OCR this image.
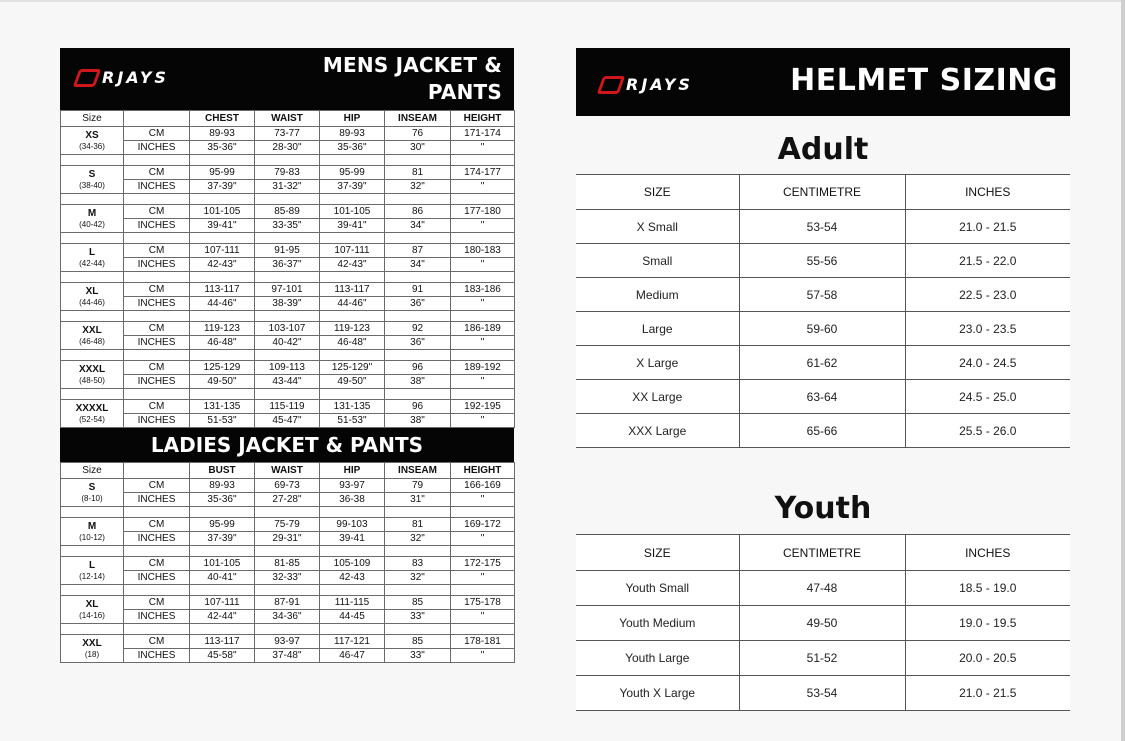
RJAYS
MENS JACKET &
PANTS
Size		CHEST	WAIST	HIP	INSEAM	HEIGHT

XS
(34-36)	CM	89-93	73-77	89-93	76	171-174
	INCHES	35-36"	28-30"	35-36"	30"	"

S
(38-40)	CM	95-99	79-83	95-99	81	174-177
	INCHES	37-39"	31-32"	37-39"	32"	"

M
(40-42)	CM	101-105	85-89	101-105	86	177-180
	INCHES	39-41"	33-35"	39-41"	34"	"

L
(42-44)	CM	107-111	91-95	107-111	87	180-183
	INCHES	42-43"	36-37"	42-43"	34"	"

XL
(44-46)	CM	113-117	97-101	113-117	91	183-186
	INCHES	44-46"	38-39"	44-46"	36"	"

XXL
(46-48)	CM	119-123	103-107	119-123	92	186-189
	INCHES	46-48"	40-42"	46-48"	36"	"

XXXL
(48-50)	CM	125-129	109-113	125-129"	96	189-192
	INCHES	49-50"	43-44"	49-50"	38"	"

XXXXL
(52-54)	CM	131-135	115-119	131-135	96	192-195
	INCHES	51-53"	45-47"	51-53"	38"	"
LADIES JACKET & PANTS
Size		BUST	WAIST	HIP	INSEAM	HEIGHT

S
(8-10)	CM	89-93	69-73	93-97	79	166-169
	INCHES	35-36"	27-28"	36-38	31"	"

M
(10-12)	CM	95-99	75-79	99-103	81	169-172
	INCHES	37-39"	29-31"	39-41	32"	"

L
(12-14)	CM	101-105	81-85	105-109	83	172-175
	INCHES	40-41"	32-33"	42-43	32"	"

XL
(14-16)	CM	107-111	87-91	111-115	85	175-178
	INCHES	42-44"	34-36"	44-45	33"	"

XXL
(18)	CM	113-117	93-97	117-121	85	178-181
	INCHES	45-58"	37-48"	46-47	33"	"
RJAYS	HELMET SIZING
Adult
SIZE	CENTIMETRE	INCHES
X Small	53-54	21.0 - 21.5
Small	55-56	21.5 - 22.0
Medium	57-58	22.5 - 23.0
Large	59-60	23.0 - 23.5
X Large	61-62	24.0 - 24.5
XX Large	63-64	24.5 - 25.0
XXX Large	65-66	25.5 - 26.0
Youth
SIZE	CENTIMETRE	INCHES
Youth Small	47-48	18.5 - 19.0
Youth Medium	49-50	19.0 - 19.5
Youth Large	51-52	20.0 - 20.5
Youth X Large	53-54	21.0 - 21.5
